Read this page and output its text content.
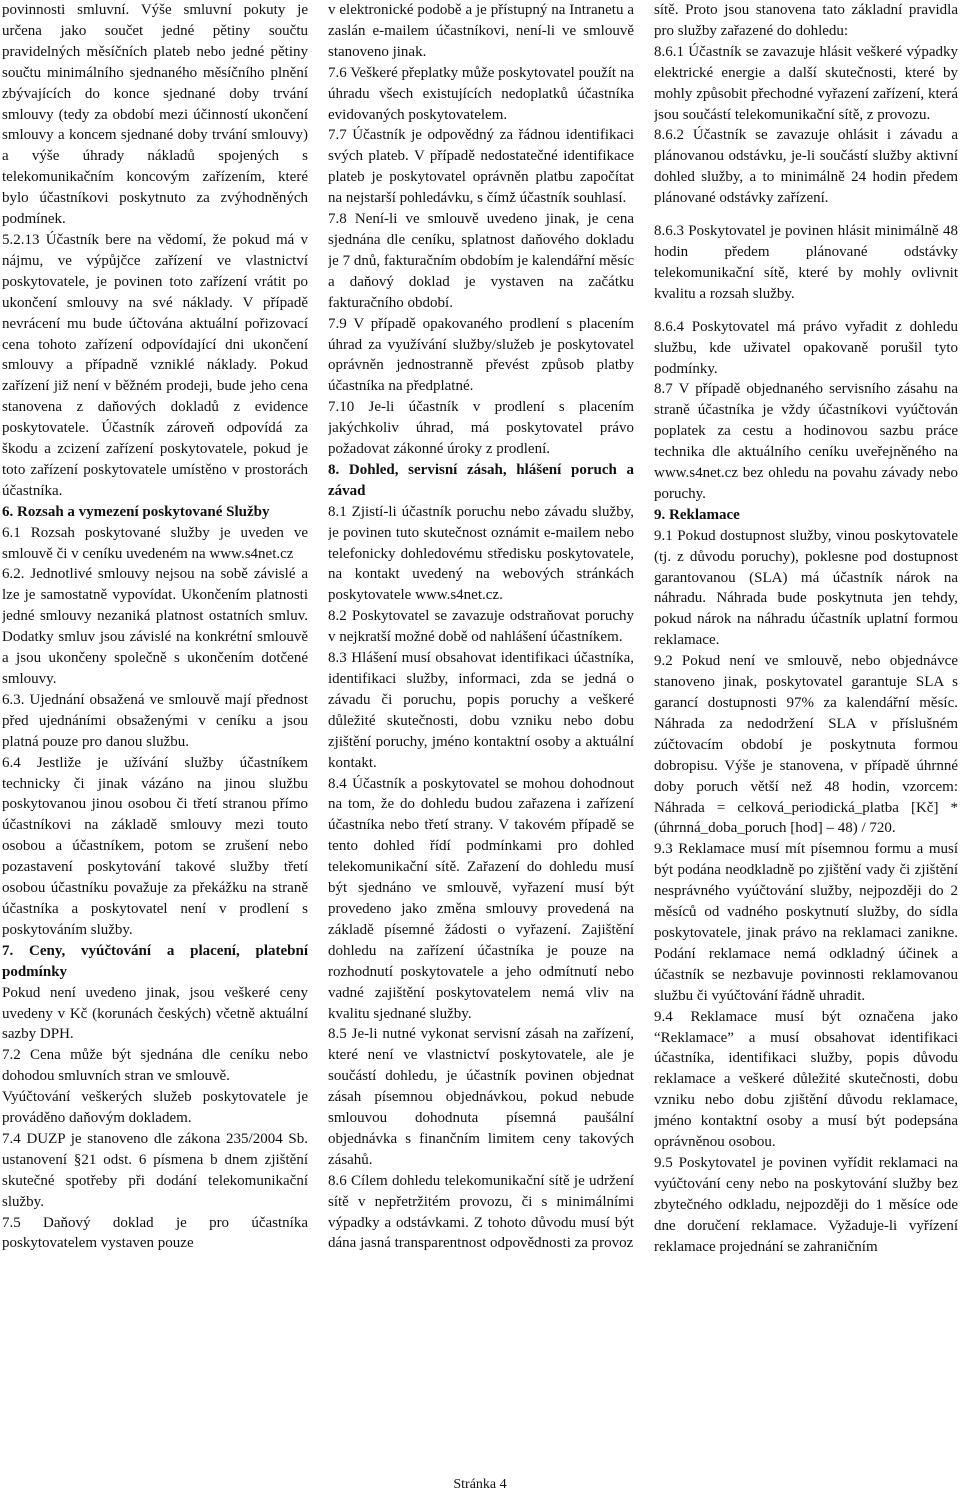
povinnosti smluvní. Výše smluvní pokuty je určena jako součet jedné pětiny součtu pravidelných měsíčních plateb nebo jedné pětiny součtu minimálního sjednaného měsíčního plnění zbývajících do konce sjednané doby trvání smlouvy (tedy za období mezi účinností ukončení smlouvy a koncem sjednané doby trvání smlouvy) a výše úhrady nákladů spojených s telekomunikačním koncovým zařízením, které bylo účastníkovi poskytnuto za zvýhodněných podmínek.

5.2.13 Účastník bere na vědomí, že pokud má v nájmu, ve výpůjčce zařízení ve vlastnictví poskytovatele, je povinen toto zařízení vrátit po ukončení smlouvy na své náklady. V případě nevrácení mu bude účtována aktuální pořizovací cena tohoto zařízení odpovídající dni ukončení smlouvy a případně vzniklé náklady. Pokud zařízení již není v běžném prodeji, bude jeho cena stanovena z daňových dokladů z evidence poskytovatele. Účastník zároveň odpovídá za škodu a zcizení zařízení poskytovatele, pokud je toto zařízení poskytovatele umístěno v prostorách účastníka.

6. Rozsah a vymezení poskytované Služby

6.1 Rozsah poskytované služby je uveden ve smlouvě či v ceníku uvedeném na www.s4net.cz

6.2. Jednotlivé smlouvy nejsou na sobě závislé a lze je samostatně vypovídat. Ukončením platnosti jedné smlouvy nezaniká platnost ostatních smluv. Dodatky smluv jsou závislé na konkrétní smlouvě a jsou ukončeny společně s ukončením dotčené smlouvy.

6.3. Ujednání obsažená ve smlouvě mají přednost před ujednáními obsaženými v ceníku a jsou platná pouze pro danou službu.

6.4 Jestliže je užívání služby účastníkem technicky či jinak vázáno na jinou službu poskytovanou jinou osobou či třetí stranou přímo účastníkovi na základě smlouvy mezi touto osobou a účastníkem, potom se zrušení nebo pozastavení poskytování takové služby třetí osobou účastníku považuje za překážku na straně účastníka a poskytovatel není v prodlení s poskytováním služby.

7. Ceny, vyúčtování a placení, platební podmínky

Pokud není uvedeno jinak, jsou veškeré ceny uvedeny v Kč (korunách českých) včetně aktuální sazby DPH.

7.2 Cena může být sjednána dle ceníku nebo dohodou smluvních stran ve smlouvě.

Vyúčtování veškerých služeb poskytovatele je prováděno daňovým dokladem.

7.4 DUZP je stanoveno dle zákona 235/2004 Sb. ustanovení §21 odst. 6 písmena b dnem zjištění skutečné spotřeby při dodání telekomunikační služby.

7.5 Daňový doklad je pro účastníka poskytovatelem vystaven pouze

v elektronické podobě a je přístupný na Intranetu a zaslán e-mailem účastníkovi, není-li ve smlouvě stanoveno jinak.

7.6 Veškeré přeplatky může poskytovatel použít na úhradu všech existujících nedoplatků účastníka evidovaných poskytovatelem.

7.7 Účastník je odpovědný za řádnou identifikaci svých plateb. V případě nedostatečné identifikace plateb je poskytovatel oprávněn platbu započítat na nejstarší pohledávku, s čímž účastník souhlasí.

7.8 Není-li ve smlouvě uvedeno jinak, je cena sjednána dle ceníku, splatnost daňového dokladu je 7 dnů, fakturačním obdobím je kalendářní měsíc a daňový doklad je vystaven na začátku fakturačního období.

7.9 V případě opakovaného prodlení s placením úhrad za využívání služby/služeb je poskytovatel oprávněn jednostranně převést způsob platby účastníka na předplatné.

7.10 Je-li účastník v prodlení s placením jakýchkoliv úhrad, má poskytovatel právo požadovat zákonné úroky z prodlení.

8. Dohled, servisní zásah, hlášení poruch a závad

8.1 Zjistí-li účastník poruchu nebo závadu služby, je povinen tuto skutečnost oznámit e-mailem nebo telefonicky dohledovému středisku poskytovatele, na kontakt uvedený na webových stránkách poskytovatele www.s4net.cz.

8.2 Poskytovatel se zavazuje odstraňovat poruchy v nejkratší možné době od nahlášení účastníkem.

8.3 Hlášení musí obsahovat identifikaci účastníka, identifikaci služby, informaci, zda se jedná o závadu či poruchu, popis poruchy a veškeré důležité skutečnosti, dobu vzniku nebo dobu zjištění poruchy, jméno kontaktní osoby a aktuální kontakt.

8.4 Účastník a poskytovatel se mohou dohodnout na tom, že do dohledu budou zařazena i zařízení účastníka nebo třetí strany. V takovém případě se tento dohled řídí podmínkami pro dohled telekomunikační sítě. Zařazení do dohledu musí být sjednáno ve smlouvě, vyřazení musí být provedeno jako změna smlouvy provedená na základě písemné žádosti o vyřazení. Zajištění dohledu na zařízení účastníka je pouze na rozhodnutí poskytovatele a jeho odmítnutí nebo vadné zajištění poskytovatelem nemá vliv na kvalitu sjednané služby.

8.5 Je-li nutné vykonat servisní zásah na zařízení, které není ve vlastnictví poskytovatele, ale je součástí dohledu, je účastník povinen objednat zásah písemnou objednávkou, pokud nebude smlouvou dohodnuta písemná paušální objednávka s finančním limitem ceny takových zásahů.

8.6 Cílem dohledu telekomunikační sítě je udržení sítě v nepřetržitém provozu, či s minimálními výpadky a odstávkami. Z tohoto důvodu musí být dána jasná transparentnost odpovědnosti za provoz

sítě. Proto jsou stanovena tato základní pravidla pro služby zařazené do dohledu:

8.6.1 Účastník se zavazuje hlásit veškeré výpadky elektrické energie a další skutečnosti, které by mohly způsobit přechodné vyřazení zařízení, která jsou součástí telekomunikační sítě, z provozu.

8.6.2 Účastník se zavazuje ohlásit i závadu a plánovanou odstávku, je-li součástí služby aktivní dohled služby, a to minimálně 24 hodin předem plánované odstávky zařízení.

8.6.3 Poskytovatel je povinen hlásit minimálně 48 hodin předem plánované odstávky telekomunikační sítě, které by mohly ovlivnit kvalitu a rozsah služby.

8.6.4 Poskytovatel má právo vyřadit z dohledu službu, kde uživatel opakovaně porušil tyto podmínky.

8.7 V případě objednaného servisního zásahu na straně účastníka je vždy účastníkovi vyúčtován poplatek za cestu a hodinovou sazbu práce technika dle aktuálního ceníku uveřejněného na www.s4net.cz bez ohledu na povahu závady nebo poruchy.

9. Reklamace

9.1 Pokud dostupnost služby, vinou poskytovatele (tj. z důvodu poruchy), poklesne pod dostupnost garantovanou (SLA) má účastník nárok na náhradu. Náhrada bude poskytnuta jen tehdy, pokud nárok na náhradu účastník uplatní formou reklamace.

9.2 Pokud není ve smlouvě, nebo objednávce stanoveno jinak, poskytovatel garantuje SLA s garancí dostupnosti 97% za kalendářní měsíc. Náhrada za nedodržení SLA v příslušném zúčtovacím období je poskytnuta formou dobropisu. Výše je stanovena, v případě úhrnné doby poruch větší než 48 hodin, vzorcem: Náhrada = celková_periodická_platba [Kč] * (úhrnná_doba_poruch [hod] – 48) / 720.

9.3 Reklamace musí mít písemnou formu a musí být podána neodkladně po zjištění vady či zjištění nesprávného vyúčtování služby, nejpozději do 2 měsíců od vadného poskytnutí služby, do sídla poskytovatele, jinak právo na reklamaci zanikne. Podání reklamace nemá odkladný účinek a účastník se nezbavuje povinnosti reklamovanou službu či vyúčtování řádně uhradit.

9.4 Reklamace musí být označena jako “Reklamace” a musí obsahovat identifikaci účastníka, identifikaci služby, popis důvodu reklamace a veškeré důležité skutečnosti, dobu vzniku nebo dobu zjištění důvodu reklamace, jméno kontaktní osoby a musí být podepsána oprávněnou osobou.

9.5 Poskytovatel je povinen vyřídit reklamaci na vyúčtování ceny nebo na poskytování služby bez zbytečného odkladu, nejpozději do 1 měsíce ode dne doručení reklamace. Vyžaduje-li vyřízení reklamace projednání se zahraničním

Stránka 4
